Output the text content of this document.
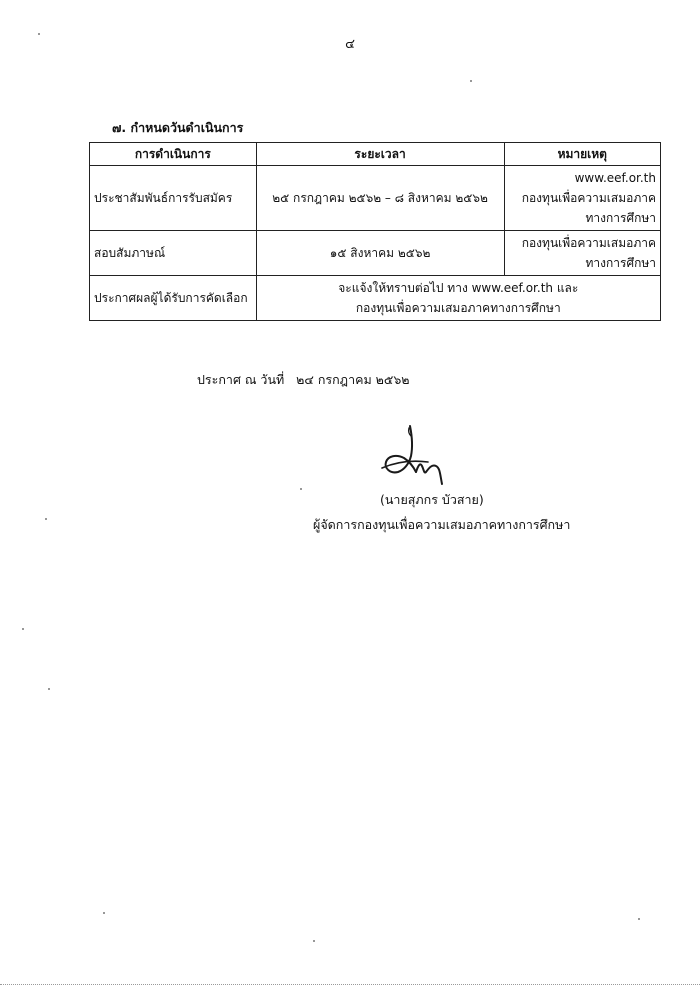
๔
๗. กำหนดวันดำเนินการ
การดำเนินการ	ระยะเวลา	หมายเหตุ
ประชาสัมพันธ์การรับสมัคร	๒๕ กรกฎาคม ๒๕๖๒ – ๘ สิงหาคม ๒๕๖๒	www.eef.or.th
กองทุนเพื่อความเสมอภาค
ทางการศึกษา

สอบสัมภาษณ์	๑๕ สิงหาคม ๒๕๖๒	กองทุนเพื่อความเสมอภาค
ทางการศึกษา

ประกาศผลผู้ได้รับการคัดเลือก	จะแจ้งให้ทราบต่อไป ทาง www.eef.or.th และ
กองทุนเพื่อความเสมอภาคทางการศึกษา	
ประกาศ ณ วันที่ ๒๔ กรกฎาคม ๒๕๖๒
(นายสุภกร บัวสาย)
ผู้จัดการกองทุนเพื่อความเสมอภาคทางการศึกษา
